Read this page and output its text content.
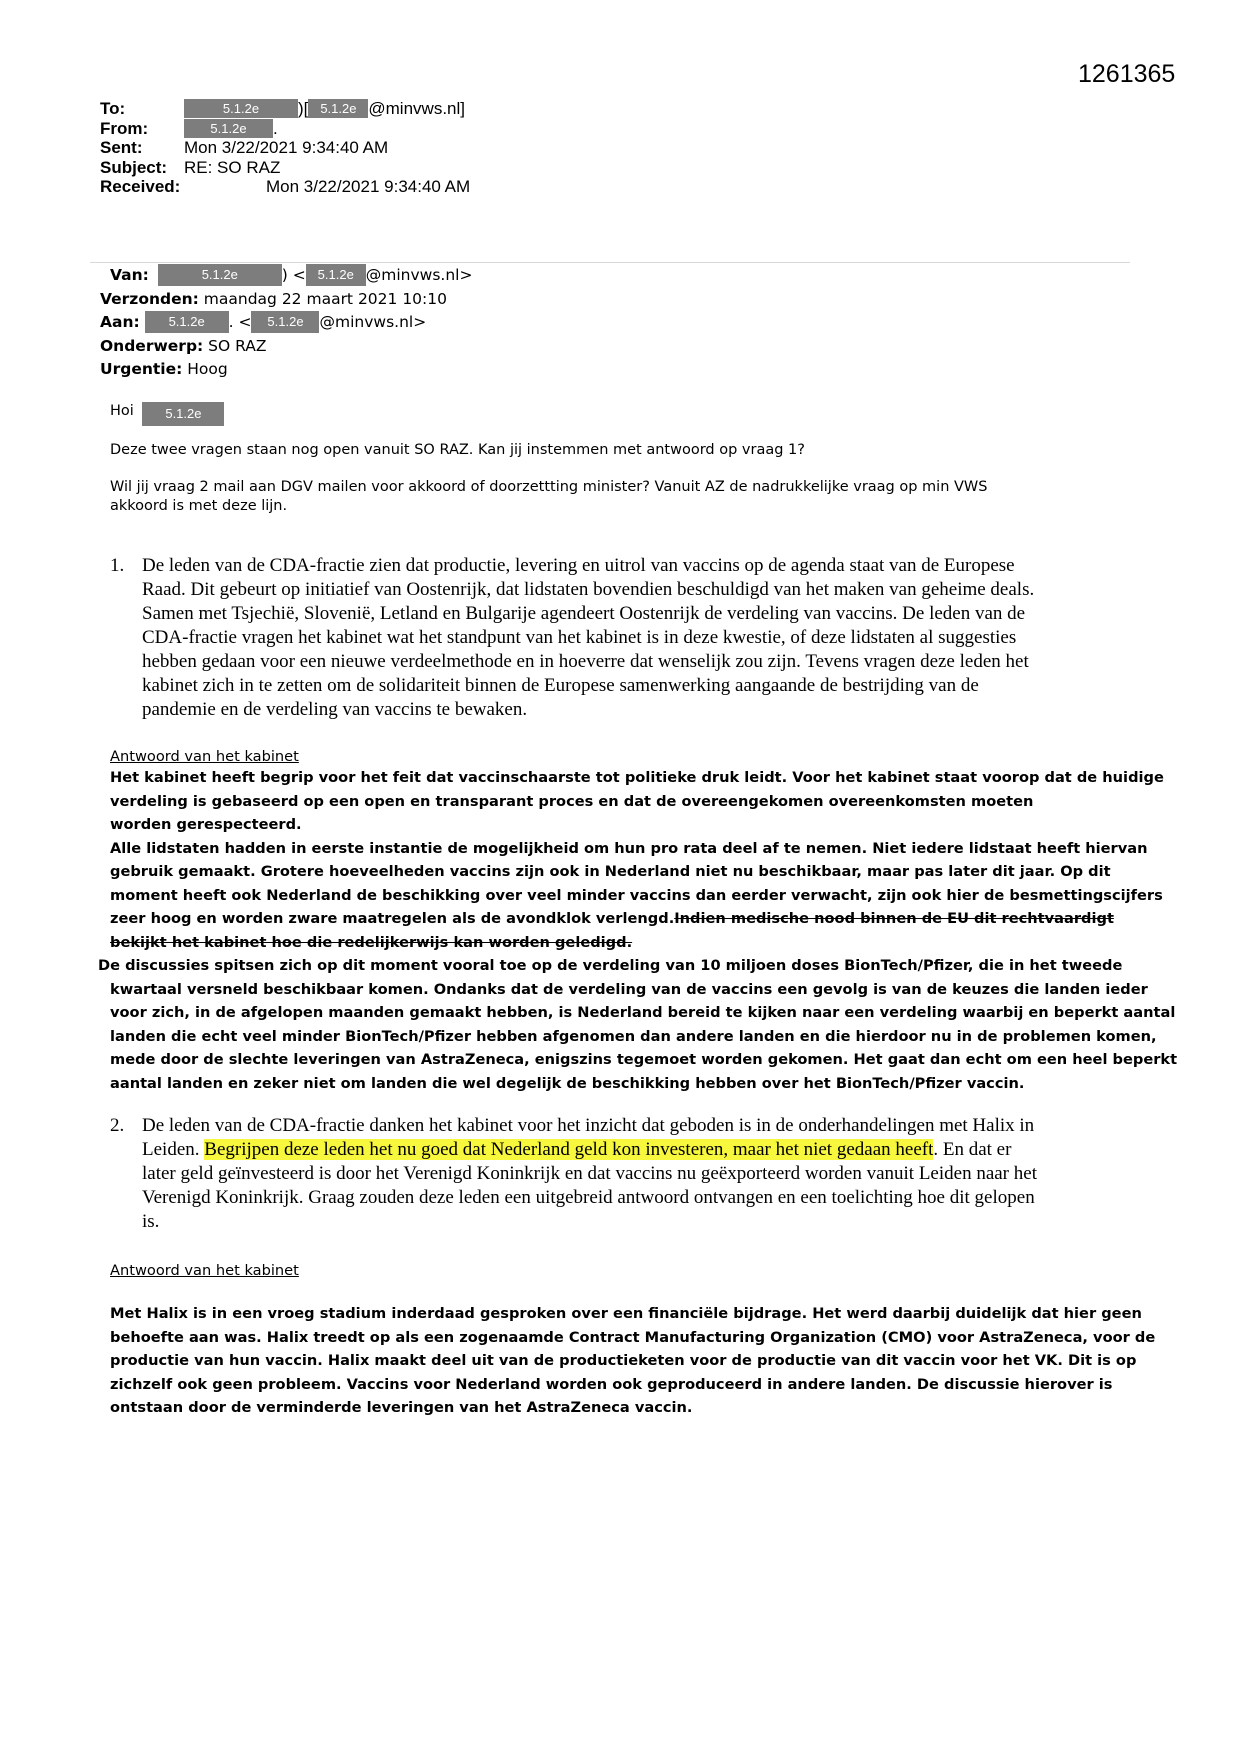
1261365
To:	5.1.2e )[ 5.1.2e @minvws.nl]
From:	5.1.2e .
Sent: Mon 3/22/2021 9:34:40 AM
Subject: RE: SO RAZ
Received:	Mon 3/22/2021 9:34:40 AM
Van:	5.1.2e	) < 5.1.2e @minvws.nl>
Verzonden: maandag 22 maart 2021 10:10
Aan: 5.1.2e . < 5.1.2e @minvws.nl>
Onderwerp: SO RAZ
Urgentie: Hoog
Hoi 5.1.2e
Deze twee vragen staan nog open vanuit SO RAZ. Kan jij instemmen met antwoord op vraag 1?
Wil jij vraag 2 mail aan DGV mailen voor akkoord of doorzettting minister? Vanuit AZ de nadrukkelijke vraag op min VWS
akkoord is met deze lijn.
1. De leden van de CDA-fractie zien dat productie, levering en uitrol van vaccins op de agenda staat van de Europese
Raad. Dit gebeurt op initiatief van Oostenrijk, dat lidstaten bovendien beschuldigd van het maken van geheime deals.
Samen met Tsjechië, Slovenië, Letland en Bulgarije agendeert Oostenrijk de verdeling van vaccins. De leden van de
CDA-fractie vragen het kabinet wat het standpunt van het kabinet is in deze kwestie, of deze lidstaten al suggesties
hebben gedaan voor een nieuwe verdeelmethode en in hoeverre dat wenselijk zou zijn. Tevens vragen deze leden het
kabinet zich in te zetten om de solidariteit binnen de Europese samenwerking aangaande de bestrijding van de
pandemie en de verdeling van vaccins te bewaken.
Antwoord van het kabinet
Het kabinet heeft begrip voor het feit dat vaccinschaarste tot politieke druk leidt. Voor het kabinet staat voorop dat de huidige
verdeling is gebaseerd op een open en transparant proces en dat de overeengekomen overeenkomsten moeten
worden gerespecteerd.
Alle lidstaten hadden in eerste instantie de mogelijkheid om hun pro rata deel af te nemen. Niet iedere lidstaat heeft hiervan
gebruik gemaakt. Grotere hoeveelheden vaccins zijn ook in Nederland niet nu beschikbaar, maar pas later dit jaar. Op dit
moment heeft ook Nederland de beschikking over veel minder vaccins dan eerder verwacht, zijn ook hier de besmettingscijfers
zeer hoog en worden zware maatregelen als de avondklok verlengd.Indien medische nood binnen de EU dit rechtvaardigt
bekijkt het kabinet hoe die redelijkerwijs kan worden geledigd.
De discussies spitsen zich op dit moment vooral toe op de verdeling van 10 miljoen doses BionTech/Pfizer, die in het tweede
kwartaal versneld beschikbaar komen. Ondanks dat de verdeling van de vaccins een gevolg is van de keuzes die landen ieder
voor zich, in de afgelopen maanden gemaakt hebben, is Nederland bereid te kijken naar een verdeling waarbij en beperkt aantal
landen die echt veel minder BionTech/Pfizer hebben afgenomen dan andere landen en die hierdoor nu in de problemen komen,
mede door de slechte leveringen van AstraZeneca, enigszins tegemoet worden gekomen. Het gaat dan echt om een heel beperkt
aantal landen en zeker niet om landen die wel degelijk de beschikking hebben over het BionTech/Pfizer vaccin.
2. De leden van de CDA-fractie danken het kabinet voor het inzicht dat geboden is in de onderhandelingen met Halix in
Leiden. Begrijpen deze leden het nu goed dat Nederland geld kon investeren, maar het niet gedaan heeft. En dat er
later geld geïnvesteerd is door het Verenigd Koninkrijk en dat vaccins nu geëxporteerd worden vanuit Leiden naar het
Verenigd Koninkrijk. Graag zouden deze leden een uitgebreid antwoord ontvangen en een toelichting hoe dit gelopen
is.
Antwoord van het kabinet
Met Halix is in een vroeg stadium inderdaad gesproken over een financiële bijdrage. Het werd daarbij duidelijk dat hier geen
behoefte aan was. Halix treedt op als een zogenaamde Contract Manufacturing Organization (CMO) voor AstraZeneca, voor de
productie van hun vaccin. Halix maakt deel uit van de productieketen voor de productie van dit vaccin voor het VK. Dit is op
zichzelf ook geen probleem. Vaccins voor Nederland worden ook geproduceerd in andere landen. De discussie hierover is
ontstaan door de verminderde leveringen van het AstraZeneca vaccin.
